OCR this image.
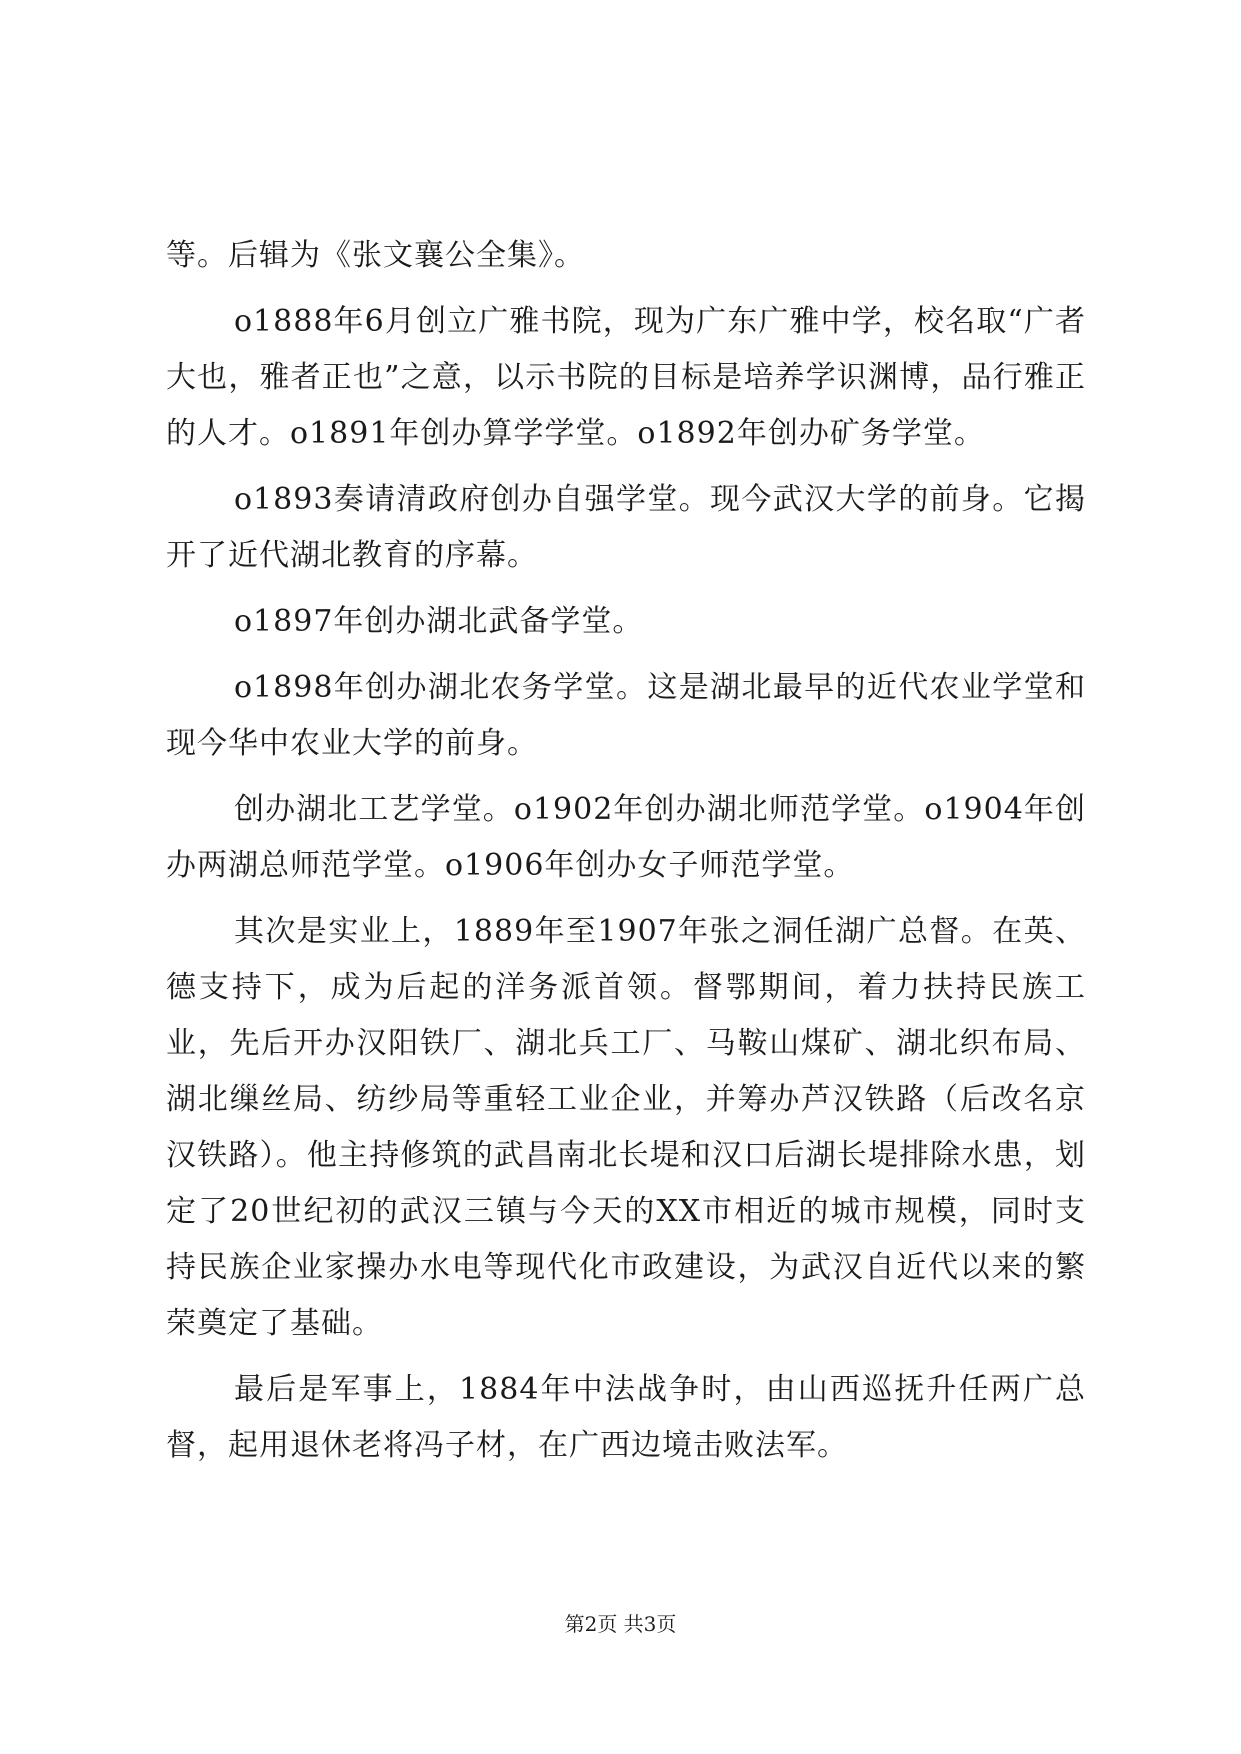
等。后辑为《张文襄公全集》。

o1888年6月创立广雅书院，现为广东广雅中学，校名取“广者大也，雅者正也”之意，以示书院的目标是培养学识渊博，品行雅正的人才。o1891年创办算学学堂。o1892年创办矿务学堂。

o1893奏请清政府创办自强学堂。现今武汉大学的前身。它揭开了近代湖北教育的序幕。

o1897年创办湖北武备学堂。

o1898年创办湖北农务学堂。这是湖北最早的近代农业学堂和现今华中农业大学的前身。

创办湖北工艺学堂。o1902年创办湖北师范学堂。o1904年创办两湖总师范学堂。o1906年创办女子师范学堂。

其次是实业上，1889年至1907年张之洞任湖广总督。在英、德支持下，成为后起的洋务派首领。督鄂期间，着力扶持民族工业，先后开办汉阳铁厂、湖北兵工厂、马鞍山煤矿、湖北织布局、湖北缫丝局、纺纱局等重轻工业企业，并筹办芦汉铁路（后改名京汉铁路）。他主持修筑的武昌南北长堤和汉口后湖长堤排除水患，划定了20世纪初的武汉三镇与今天的XX市相近的城市规模，同时支持民族企业家操办水电等现代化市政建设，为武汉自近代以来的繁荣奠定了基础。

最后是军事上，1884年中法战争时，由山西巡抚升任两广总督，起用退休老将冯子材，在广西边境击败法军。

第2页 共3页
